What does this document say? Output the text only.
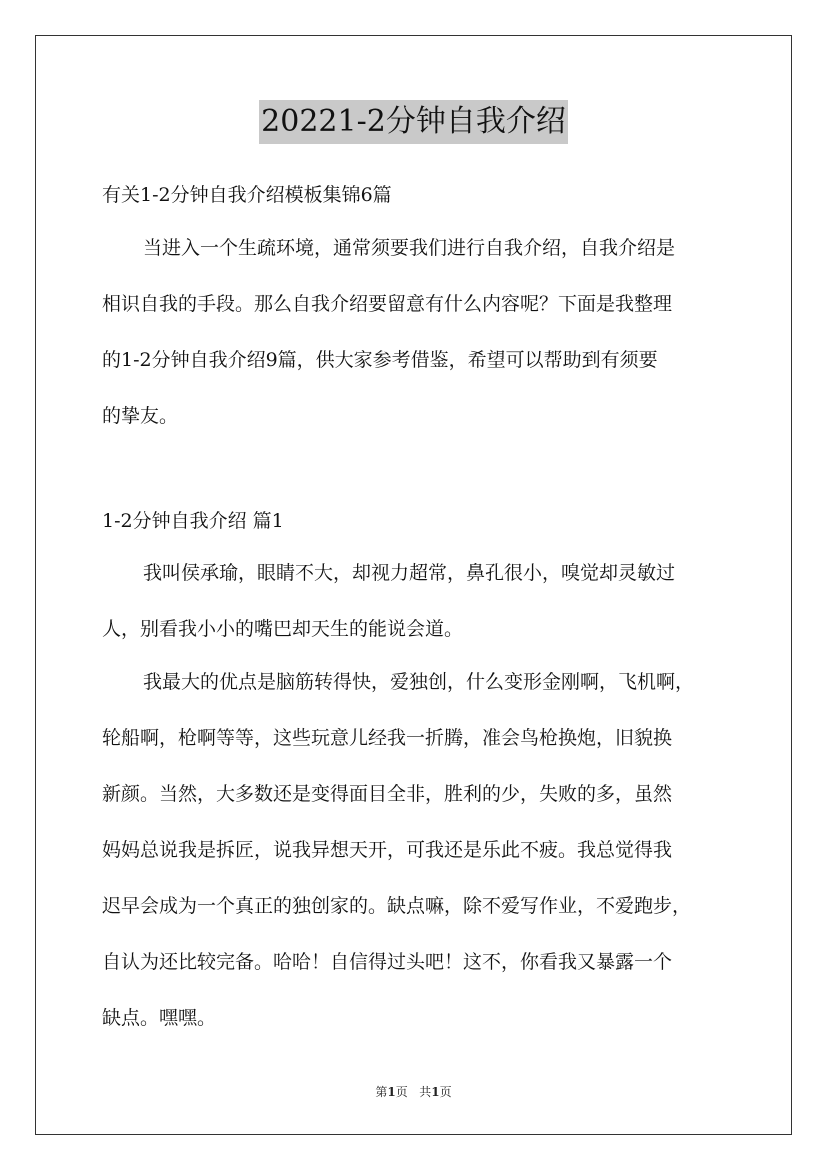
20221-2分钟自我介绍
有关1-2分钟自我介绍模板集锦6篇
当进入一个生疏环境，通常须要我们进行自我介绍，自我介绍是
相识自我的手段。那么自我介绍要留意有什么内容呢？下面是我整理
的1-2分钟自我介绍9篇，供大家参考借鉴，希望可以帮助到有须要
的挚友。
1-2分钟自我介绍 篇1
我叫侯承瑜，眼睛不大，却视力超常，鼻孔很小，嗅觉却灵敏过
人，别看我小小的嘴巴却天生的能说会道。
我最大的优点是脑筋转得快，爱独创，什么变形金刚啊，飞机啊，
轮船啊，枪啊等等，这些玩意儿经我一折腾，准会鸟枪换炮，旧貌换
新颜。当然，大多数还是变得面目全非，胜利的少，失败的多，虽然
妈妈总说我是拆匠，说我异想天开，可我还是乐此不疲。我总觉得我
迟早会成为一个真正的独创家的。缺点嘛，除不爱写作业，不爱跑步，
自认为还比较完备。哈哈！自信得过头吧！这不，你看我又暴露一个
缺点。嘿嘿。
第1页 共1页
